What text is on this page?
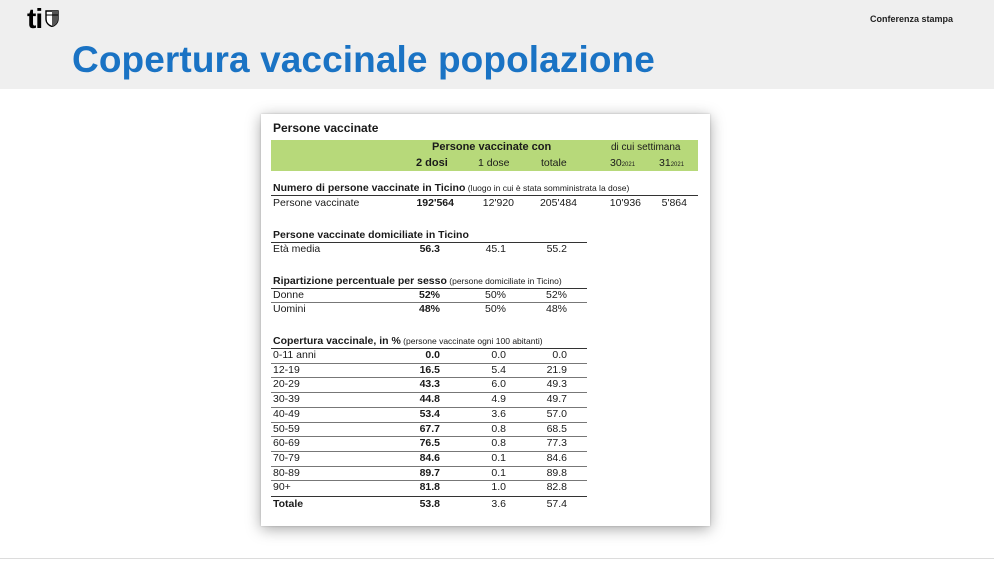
ti	Conferenza stampa
Copertura vaccinale popolazione
Persone vaccinate
Persone vaccinate con	di cui settimana
2 dosi	1 dose	totale	302021 312021
Numero di persone vaccinate in Ticino (luogo in cui è stata somministrata la dose)
Persone vaccinate	192'564	12'920	205'484	10'936	5'864
Persone vaccinate domiciliate in Ticino
Età media	56.3	45.1	55.2
Ripartizione percentuale per sesso (persone domiciliate in Ticino)
Donne	52%	50%	52%
Uomini	48%	50%	48%
Copertura vaccinale, in % (persone vaccinate ogni 100 abitanti)
0-11 anni	0.0	0.0	0.0
12-19	16.5	5.4	21.9
20-29	43.3	6.0	49.3
30-39	44.8	4.9	49.7
40-49	53.4	3.6	57.0
50-59	67.7	0.8	68.5
60-69	76.5	0.8	77.3
70-79	84.6	0.1	84.6
80-89	89.7	0.1	89.8
90+	81.8	1.0	82.8
Totale	53.8	3.6	57.4
